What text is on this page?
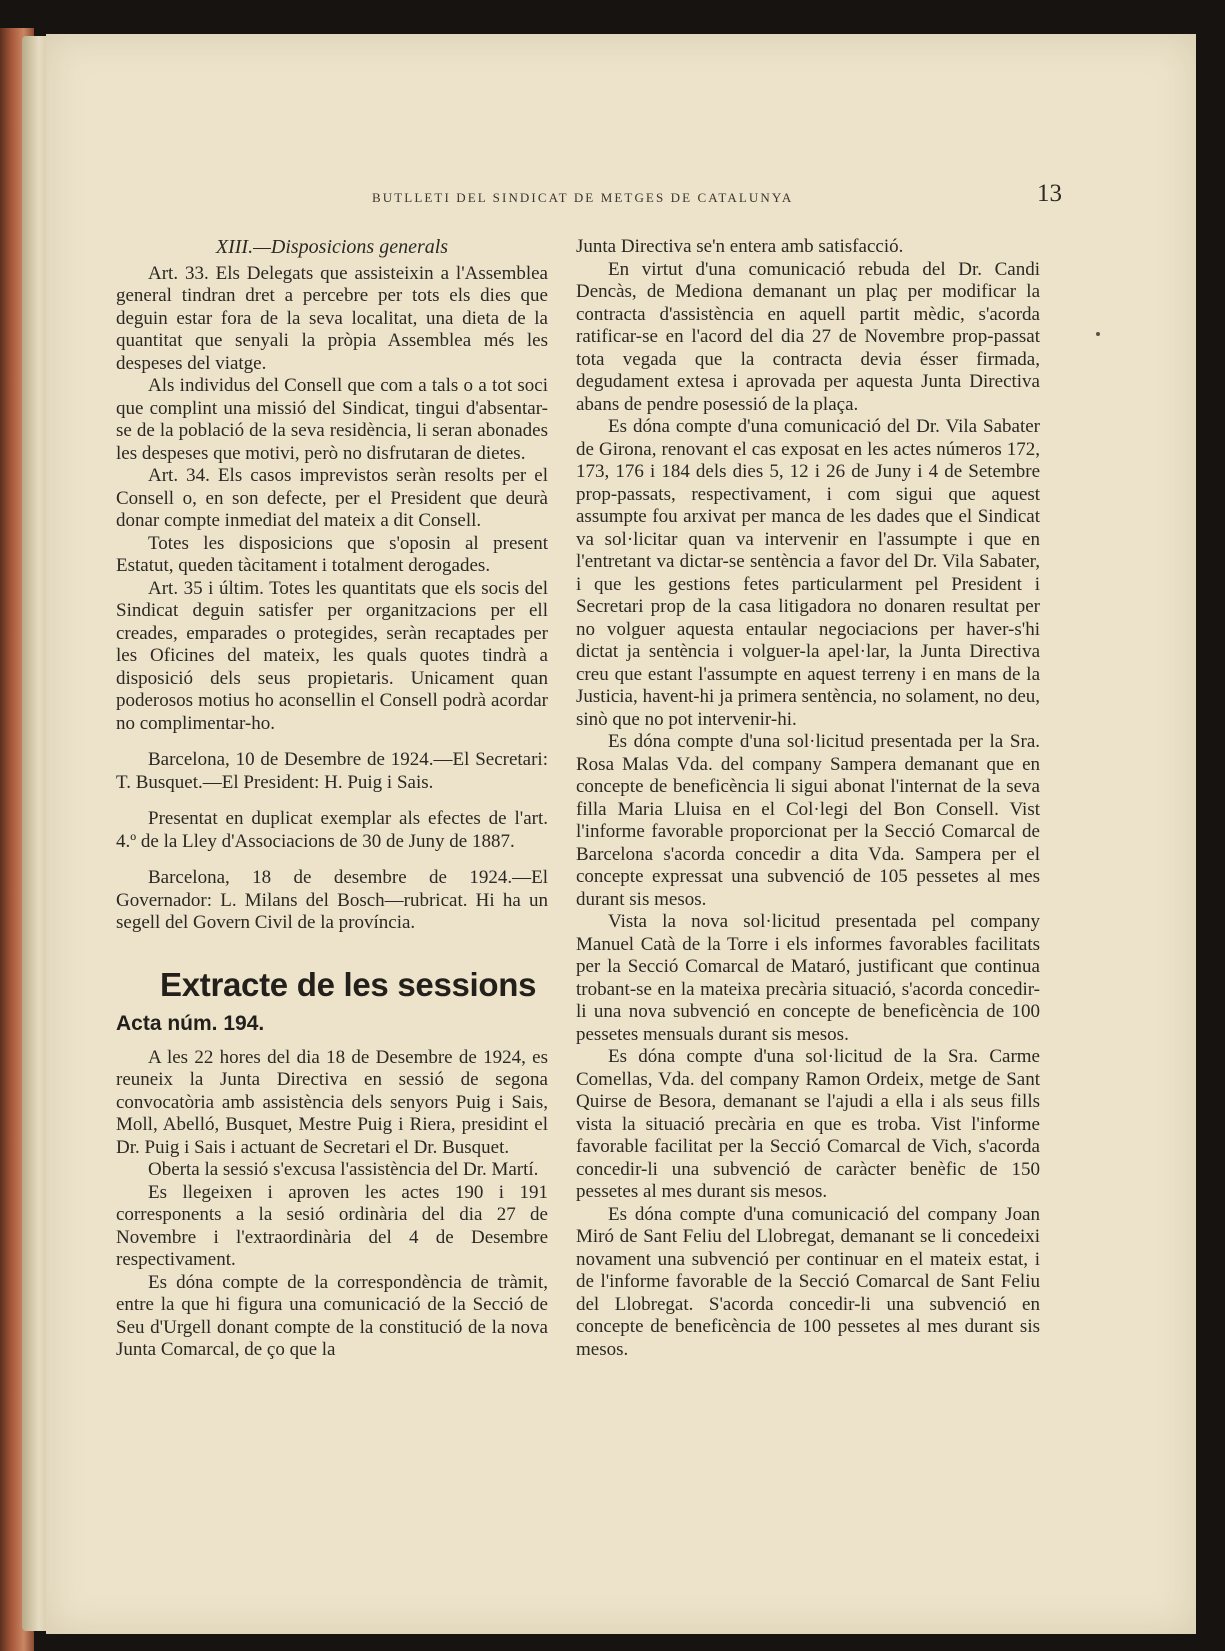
BUTLLETI DEL SINDICAT DE METGES DE CATALUNYA	13
XIII.—Disposicions generals

Art. 33. Els Delegats que assisteixin a l'Assemblea general tindran dret a percebre per tots els dies que deguin estar fora de la seva localitat, una dieta de la quantitat que senyali la pròpia Assemblea més les despeses del viatge.

Als individus del Consell que com a tals o a tot soci que complint una missió del Sindicat, tingui d'absentar-se de la població de la seva residència, li seran abonades les despeses que motivi, però no disfrutaran de dietes.

Art. 34. Els casos imprevistos seràn resolts per el Consell o, en son defecte, per el President que deurà donar compte inmediat del mateix a dit Consell.

Totes les disposicions que s'oposin al present Estatut, queden tàcitament i totalment derogades.

Art. 35 i últim. Totes les quantitats que els socis del Sindicat deguin satisfer per organitzacions per ell creades, emparades o protegides, seràn recaptades per les Oficines del mateix, les quals quotes tindrà a disposició dels seus propietaris. Unicament quan poderosos motius ho aconsellin el Consell podrà acordar no complimentar-ho.

Barcelona, 10 de Desembre de 1924.—El Secretari: T. Busquet.—El President: H. Puig i Sais.

Presentat en duplicat exemplar als efectes de l'art. 4.º de la Lley d'Associacions de 30 de Juny de 1887.

Barcelona, 18 de desembre de 1924.—El Governador: L. Milans del Bosch—rubricat. Hi ha un segell del Govern Civil de la província.

Extracte de les sessions
Acta núm. 194.

A les 22 hores del dia 18 de Desembre de 1924, es reuneix la Junta Directiva en sessió de segona convocatòria amb assistència dels senyors Puig i Sais, Moll, Abelló, Busquet, Mestre Puig i Riera, presidint el Dr. Puig i Sais i actuant de Secretari el Dr. Busquet.

Oberta la sessió s'excusa l'assistència del Dr. Martí.

Es llegeixen i aproven les actes 190 i 191 corresponents a la sesió ordinària del dia 27 de Novembre i l'extraordinària del 4 de Desembre respectivament.

Es dóna compte de la correspondència de tràmit, entre la que hi figura una comunicació de la Secció de Seu d'Urgell donant compte de la constitució de la nova Junta Comarcal, de ço que la

Junta Directiva se'n entera amb satisfacció.

En virtut d'una comunicació rebuda del Dr. Candi Dencàs, de Mediona demanant un plaç per modificar la contracta d'assistència en aquell partit mèdic, s'acorda ratificar-se en l'acord del dia 27 de Novembre prop-passat tota vegada que la contracta devia ésser firmada, degudament extesa i aprovada per aquesta Junta Directiva abans de pendre posessió de la plaça.

Es dóna compte d'una comunicació del Dr. Vila Sabater de Girona, renovant el cas exposat en les actes números 172, 173, 176 i 184 dels dies 5, 12 i 26 de Juny i 4 de Setembre prop-passats, respectivament, i com sigui que aquest assumpte fou arxivat per manca de les dades que el Sindicat va sol·licitar quan va intervenir en l'assumpte i que en l'entretant va dictar-se sentència a favor del Dr. Vila Sabater, i que les gestions fetes particularment pel President i Secretari prop de la casa litigadora no donaren resultat per no volguer aquesta entaular negociacions per haver-s'hi dictat ja sentència i volguer-la apel·lar, la Junta Directiva creu que estant l'assumpte en aquest terreny i en mans de la Justicia, havent-hi ja primera sentència, no solament, no deu, sinò que no pot intervenir-hi.

Es dóna compte d'una sol·licitud presentada per la Sra. Rosa Malas Vda. del company Sampera demanant que en concepte de beneficència li sigui abonat l'internat de la seva filla Maria Lluisa en el Col·legi del Bon Consell. Vist l'informe favorable proporcionat per la Secció Comarcal de Barcelona s'acorda concedir a dita Vda. Sampera per el concepte expressat una subvenció de 105 pessetes al mes durant sis mesos.

Vista la nova sol·licitud presentada pel company Manuel Catà de la Torre i els informes favorables facilitats per la Secció Comarcal de Mataró, justificant que continua trobant-se en la mateixa precària situació, s'acorda concedir-li una nova subvenció en concepte de beneficència de 100 pessetes mensuals durant sis mesos.

Es dóna compte d'una sol·licitud de la Sra. Carme Comellas, Vda. del company Ramon Ordeix, metge de Sant Quirse de Besora, demanant se l'ajudi a ella i als seus fills vista la situació precària en que es troba. Vist l'informe favorable facilitat per la Secció Comarcal de Vich, s'acorda concedir-li una subvenció de caràcter benèfic de 150 pessetes al mes durant sis mesos.

Es dóna compte d'una comunicació del company Joan Miró de Sant Feliu del Llobregat, demanant se li concedeixi novament una subvenció per continuar en el mateix estat, i de l'informe favorable de la Secció Comarcal de Sant Feliu del Llobregat. S'acorda concedir-li una subvenció en concepte de beneficència de 100 pessetes al mes durant sis mesos.
